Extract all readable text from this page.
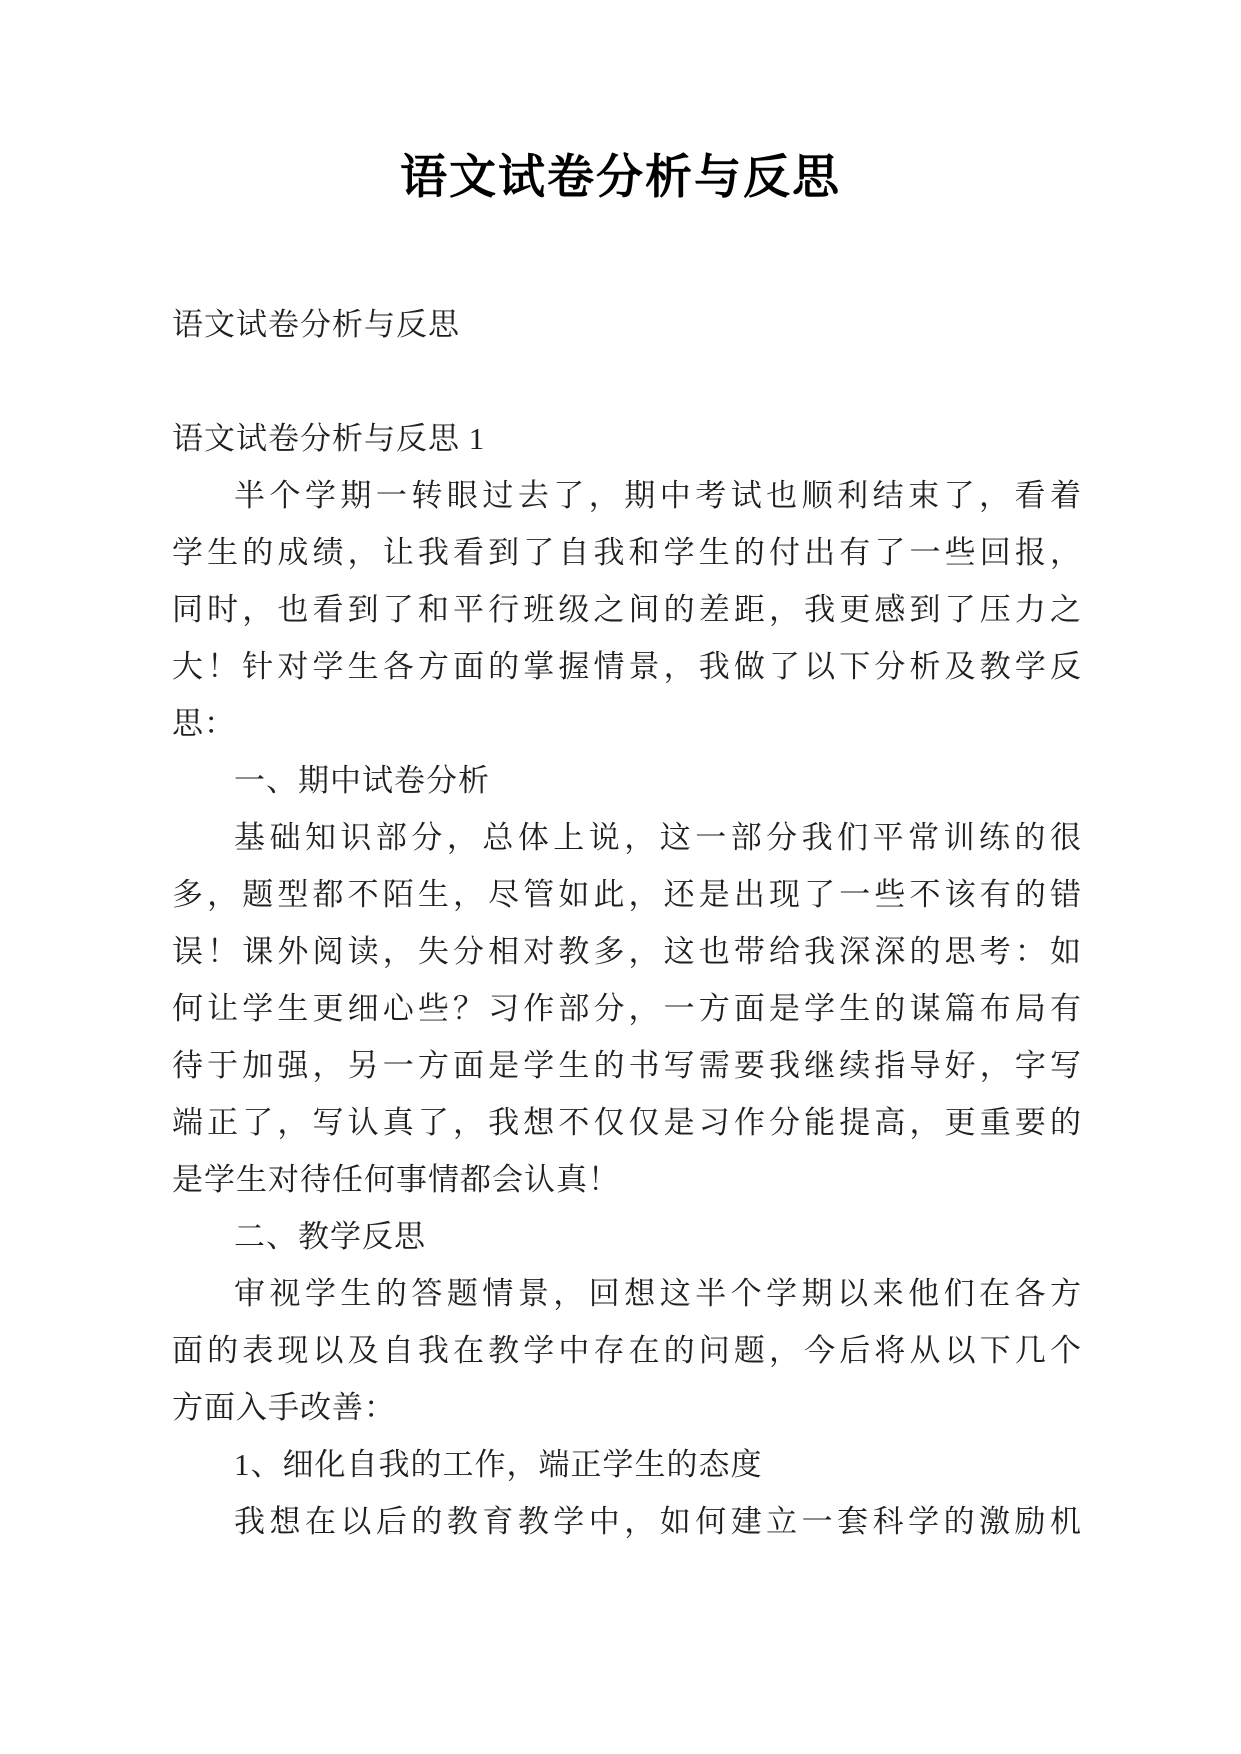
语文试卷分析与反思
语文试卷分析与反思
语文试卷分析与反思 1
半个学期一转眼过去了，期中考试也顺利结束了，看着
学生的成绩，让我看到了自我和学生的付出有了一些回报，
同时，也看到了和平行班级之间的差距，我更感到了压力之
大！针对学生各方面的掌握情景，我做了以下分析及教学反
思：
一、期中试卷分析
基础知识部分，总体上说，这一部分我们平常训练的很
多，题型都不陌生，尽管如此，还是出现了一些不该有的错
误！课外阅读，失分相对教多，这也带给我深深的思考：如
何让学生更细心些？习作部分，一方面是学生的谋篇布局有
待于加强，另一方面是学生的书写需要我继续指导好，字写
端正了，写认真了，我想不仅仅是习作分能提高，更重要的
是学生对待任何事情都会认真！
二、教学反思
审视学生的答题情景，回想这半个学期以来他们在各方
面的表现以及自我在教学中存在的问题，今后将从以下几个
方面入手改善：
1、细化自我的工作，端正学生的态度
我想在以后的教育教学中，如何建立一套科学的激励机
